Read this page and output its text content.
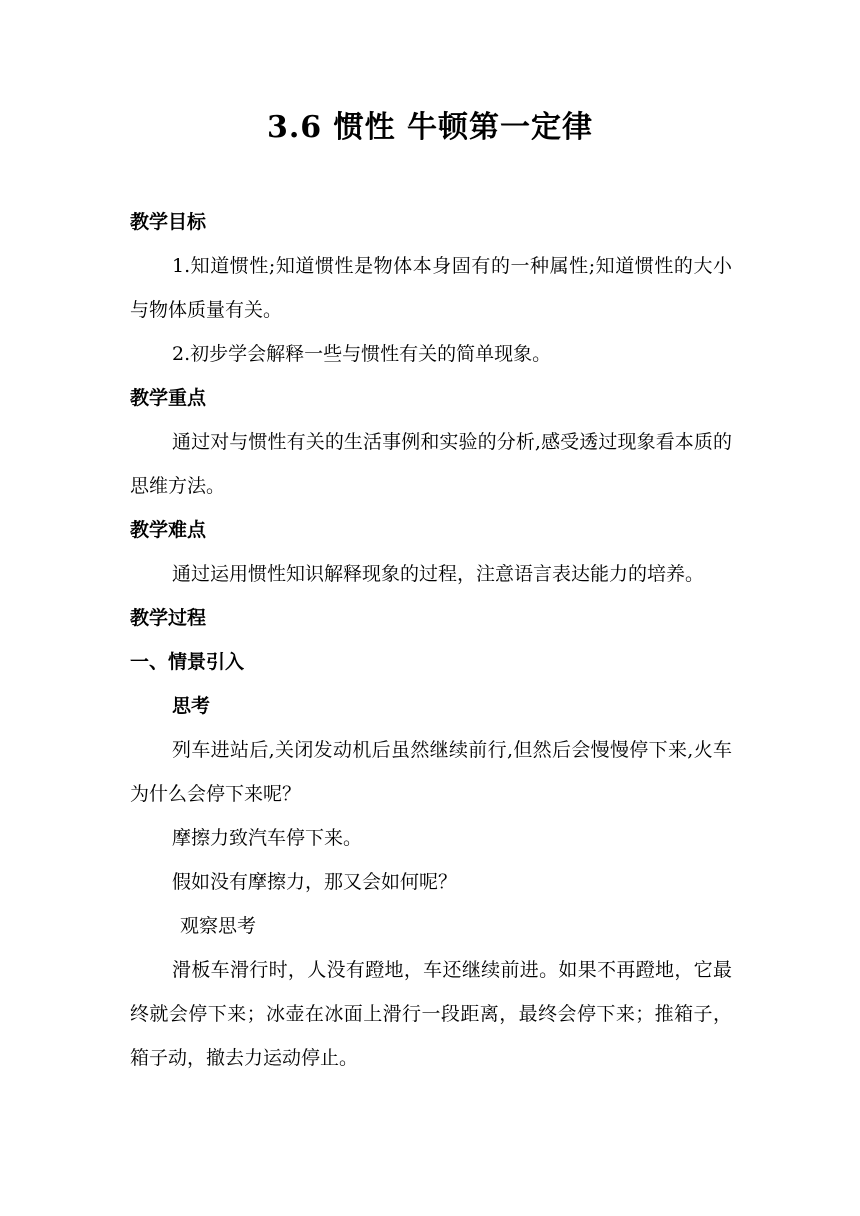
3.6 惯性 牛顿第一定律

教学目标

1.知道惯性;知道惯性是物体本身固有的一种属性;知道惯性的大小与物体质量有关。

2.初步学会解释一些与惯性有关的简单现象。

教学重点

通过对与惯性有关的生活事例和实验的分析,感受透过现象看本质的思维方法。

教学难点

通过运用惯性知识解释现象的过程，注意语言表达能力的培养。

教学过程

一、情景引入

思考

列车进站后,关闭发动机后虽然继续前行,但然后会慢慢停下来,火车为什么会停下来呢？

摩擦力致汽车停下来。

假如没有摩擦力，那又会如何呢？

观察思考

滑板车滑行时，人没有蹬地，车还继续前进。如果不再蹬地，它最终就会停下来；冰壶在冰面上滑行一段距离，最终会停下来；推箱子，箱子动，撤去力运动停止。
